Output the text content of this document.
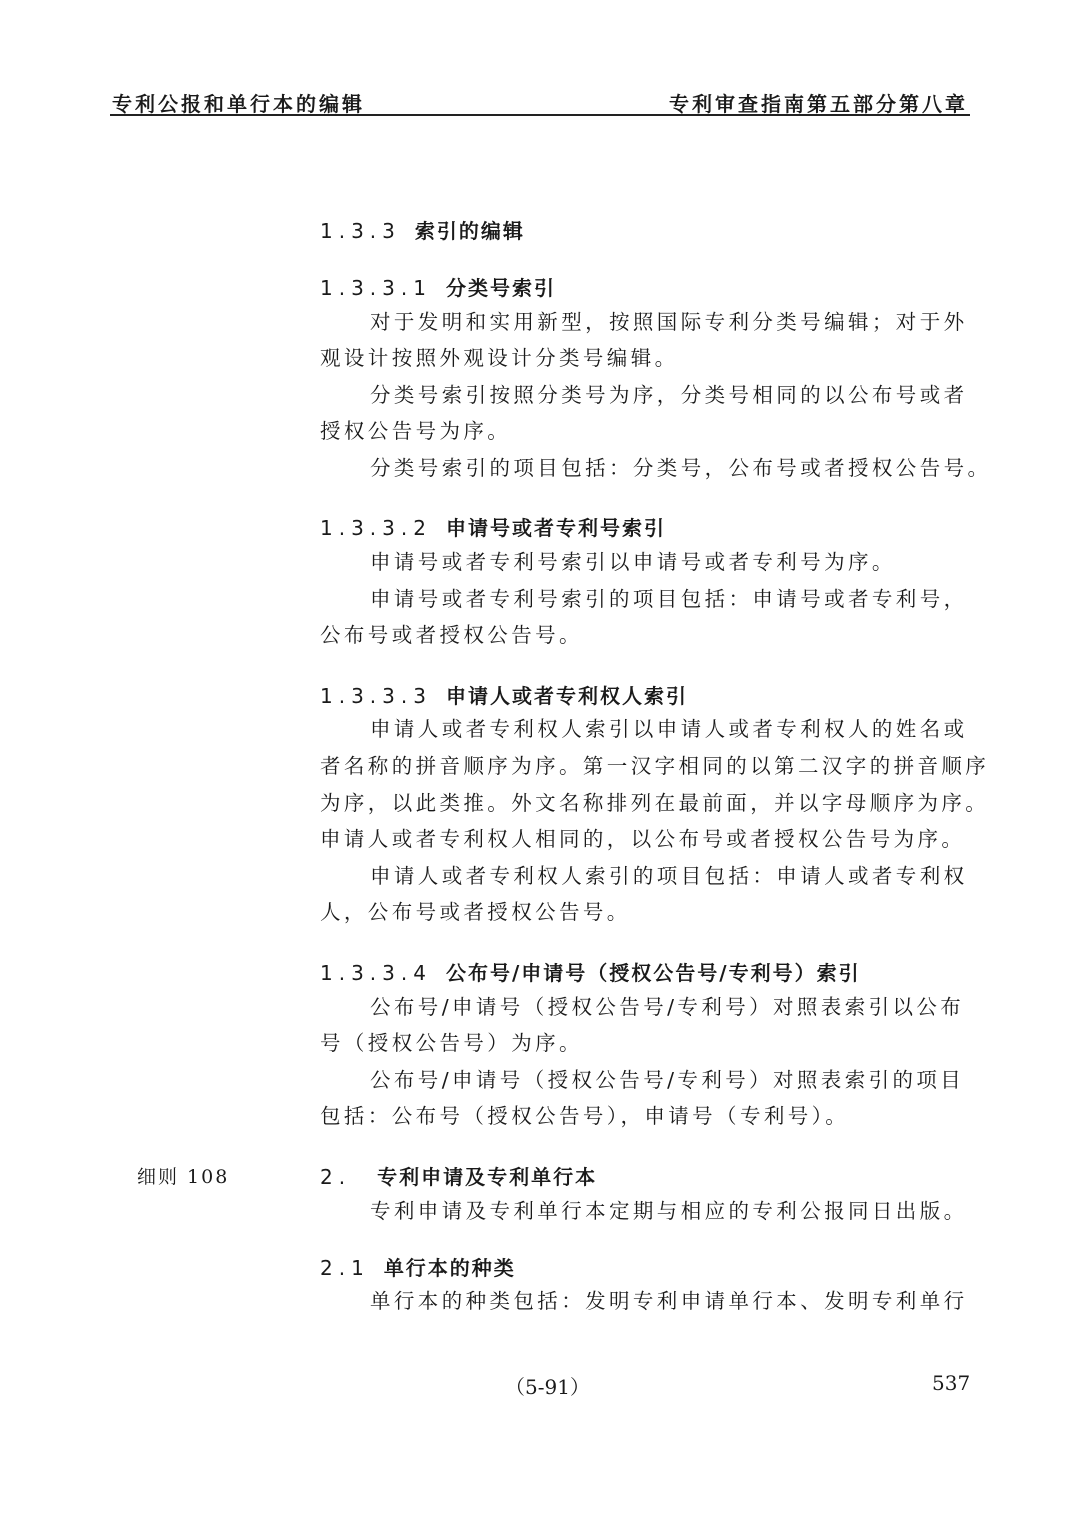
专利公报和单行本的编辑	专利审查指南第五部分第八章
1.3.3 索引的编辑
1.3.3.1 分类号索引
对于发明和实用新型，按照国际专利分类号编辑；对于外
观设计按照外观设计分类号编辑。
分类号索引按照分类号为序，分类号相同的以公布号或者
授权公告号为序。
分类号索引的项目包括：分类号，公布号或者授权公告号。
1.3.3.2 申请号或者专利号索引
申请号或者专利号索引以申请号或者专利号为序。
申请号或者专利号索引的项目包括：申请号或者专利号，
公布号或者授权公告号。
1.3.3.3 申请人或者专利权人索引
申请人或者专利权人索引以申请人或者专利权人的姓名或
者名称的拼音顺序为序。第一汉字相同的以第二汉字的拼音顺序
为序，以此类推。外文名称排列在最前面，并以字母顺序为序。
申请人或者专利权人相同的，以公布号或者授权公告号为序。
申请人或者专利权人索引的项目包括：申请人或者专利权
人，公布号或者授权公告号。
1.3.3.4 公布号/申请号（授权公告号/专利号）索引
公布号/申请号（授权公告号/专利号）对照表索引以公布
号（授权公告号）为序。
公布号/申请号（授权公告号/专利号）对照表索引的项目
包括：公布号（授权公告号），申请号（专利号）。
细则 108	2. 专利申请及专利单行本
专利申请及专利单行本定期与相应的专利公报同日出版。
2.1 单行本的种类
单行本的种类包括：发明专利申请单行本、发明专利单行
（5-91）	537
